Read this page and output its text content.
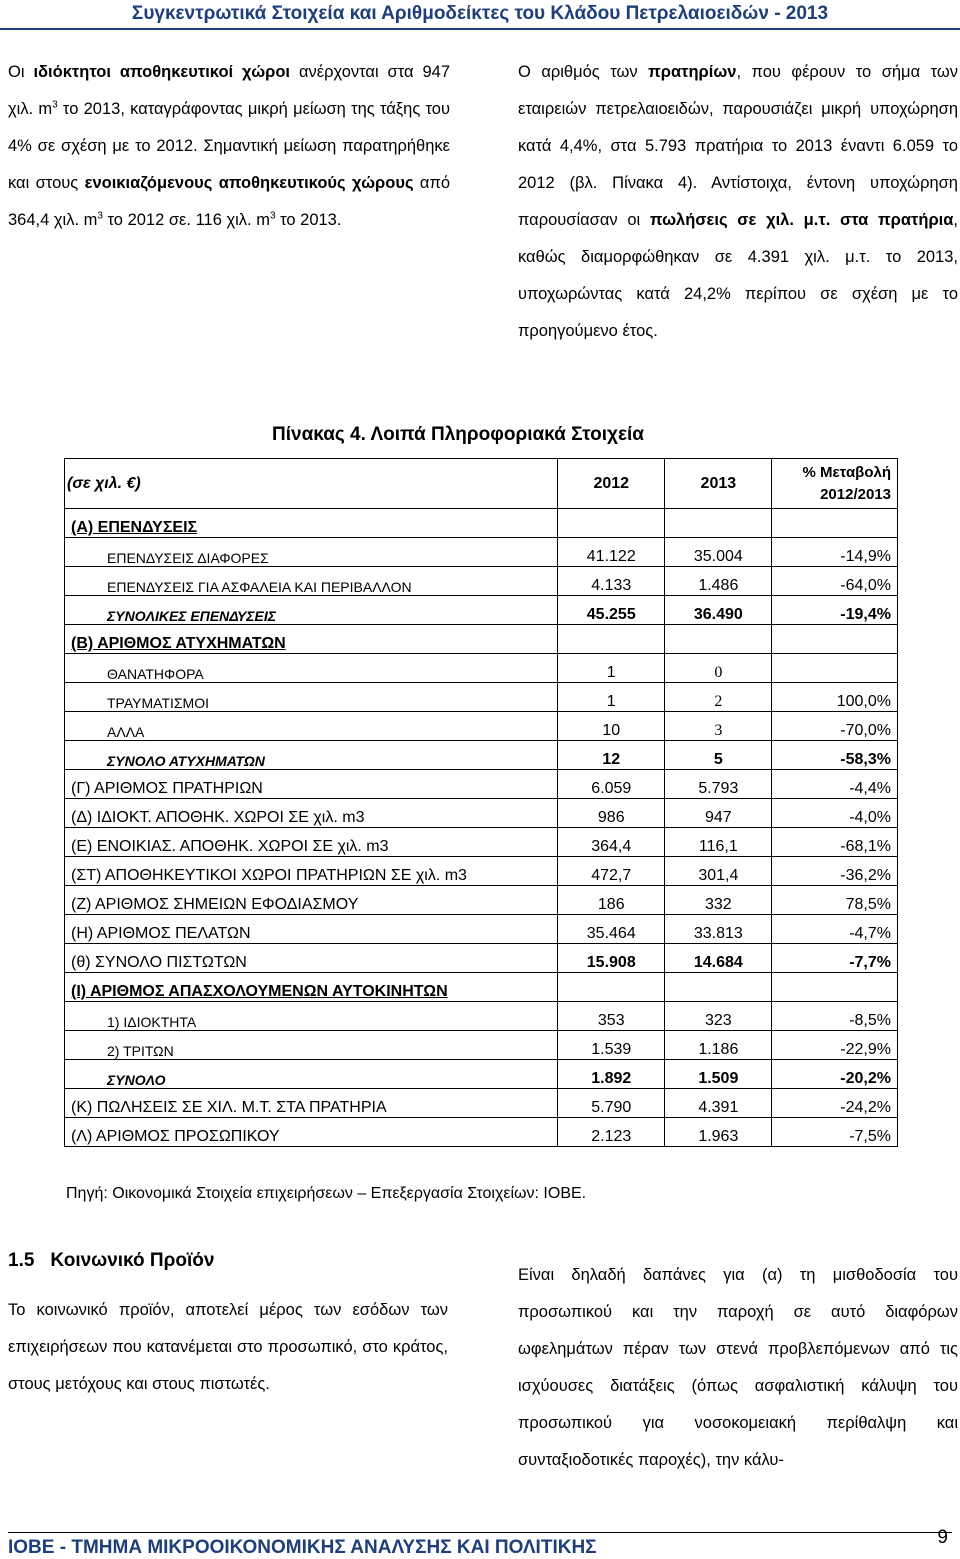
Συγκεντρωτικά Στοιχεία και Αριθμοδείκτες του Κλάδου Πετρελαιοειδών - 2013

Οι ιδιόκτητοι αποθηκευτικοί χώροι ανέρχονται στα 947 χιλ. $m^3$ το 2013, καταγράφοντας μικρή μείωση της τάξης του 4% σε σχέση με το 2012. Σημαντική μείωση παρατηρήθηκε και στους ενοικιαζόμενους αποθηκευτικούς χώρους από 364,4 χιλ. $m^3$ το 2012 σε. 116 χιλ. $m^3$ το 2013.

Ο αριθμός των πρατηρίων, που φέρουν το σήμα των εταιρειών πετρελαιοειδών, παρουσιάζει μικρή υποχώρηση κατά 4,4%, στα 5.793 πρατήρια το 2013 έναντι 6.059 το 2012 (βλ. Πίνακα 4). Αντίστοιχα, έντονη υποχώρηση παρουσίασαν οι πωλήσεις σε χιλ. μ.τ. στα πρατήρια, καθώς διαμορφώθηκαν σε 4.391 χιλ. μ.τ. το 2013, υποχωρώντας κατά 24,2% περίπου σε σχέση με το προηγούμενο έτος.

Πίνακας 4. Λοιπά Πληροφοριακά Στοιχεία
(σε χιλ. €)	2012	2013	% Μεταβολή
2012/2013

(Α) ΕΠΕΝΔΥΣΕΙΣ			
ΕΠΕΝΔΥΣΕΙΣ ΔΙΑΦΟΡΕΣ	41.122	35.004	-14,9%
ΕΠΕΝΔΥΣΕΙΣ ΓΙΑ ΑΣΦΑΛΕΙΑ ΚΑΙ ΠΕΡΙΒΑΛΛΟΝ	4.133	1.486	-64,0%
ΣΥΝΟΛΙΚΕΣ ΕΠΕΝΔΥΣΕΙΣ	45.255	36.490	-19,4%
(Β) ΑΡΙΘΜΟΣ ΑΤΥΧΗΜΑΤΩΝ			
ΘΑΝΑΤΗΦΟΡΑ	1	0	
ΤΡΑΥΜΑΤΙΣΜΟΙ	1	2	100,0%
ΑΛΛΑ	10	3	-70,0%
ΣΥΝΟΛΟ ΑΤΥΧΗΜΑΤΩΝ	12	5	-58,3%
(Γ) ΑΡΙΘΜΟΣ ΠΡΑΤΗΡΙΩΝ	6.059	5.793	-4,4%
(Δ) ΙΔΙΟΚΤ. ΑΠΟΘΗΚ. ΧΩΡΟΙ ΣΕ χιλ. m3	986	947	-4,0%
(Ε) ΕΝΟΙΚΙΑΣ. ΑΠΟΘΗΚ. ΧΩΡΟΙ ΣΕ χιλ. m3	364,4	116,1	-68,1%
(ΣΤ) ΑΠΟΘΗΚΕΥΤΙΚΟΙ ΧΩΡΟΙ ΠΡΑΤΗΡΙΩΝ ΣΕ χιλ. m3	472,7	301,4	-36,2%
(Ζ) ΑΡΙΘΜΟΣ ΣΗΜΕΙΩΝ ΕΦΟΔΙΑΣΜΟΥ	186	332	78,5%
(Η) ΑΡΙΘΜΟΣ ΠΕΛΑΤΩΝ	35.464	33.813	-4,7%
(θ) ΣΥΝΟΛΟ ΠΙΣΤΩΤΩΝ	15.908	14.684	-7,7%
(Ι) ΑΡΙΘΜΟΣ ΑΠΑΣΧΟΛΟΥΜΕΝΩΝ ΑΥΤΟΚΙΝΗΤΩΝ			
1) ΙΔΙΟΚΤΗΤΑ	353	323	-8,5%
2) ΤΡΙΤΩΝ	1.539	1.186	-22,9%
ΣΥΝΟΛΟ	1.892	1.509	-20,2%
(Κ) ΠΩΛΗΣΕΙΣ ΣΕ ΧΙΛ. Μ.Τ. ΣΤΑ ΠΡΑΤΗΡΙΑ	5.790	4.391	-24,2%
(Λ) ΑΡΙΘΜΟΣ ΠΡΟΣΩΠΙΚΟΥ	2.123	1.963	-7,5%
Πηγή: Οικονομικά Στοιχεία επιχειρήσεων – Επεξεργασία Στοιχείων: ΙΟΒΕ.
1.5 Κοινωνικό Προϊόν

Το κοινωνικό προϊόν, αποτελεί μέρος των εσόδων των επιχειρήσεων που κατανέμεται στο προσωπικό, στο κράτος, στους μετόχους και στους πιστωτές.

Είναι δηλαδή δαπάνες για (α) τη μισθοδοσία του προσωπικού και την παροχή σε αυτό διαφόρων ωφελημάτων πέραν των στενά προβλεπόμενων από τις ισχύουσες διατάξεις (όπως ασφαλιστική κάλυψη του προσωπικού για νοσοκομειακή περίθαλψη και συνταξιοδοτικές παροχές), την κάλυ-

ΙΟΒΕ - ΤΜΗΜΑ ΜΙΚΡΟΟΙΚΟΝΟΜΙΚΗΣ ΑΝΑΛΥΣΗΣ ΚΑΙ ΠΟΛΙΤΙΚΗΣ	9
